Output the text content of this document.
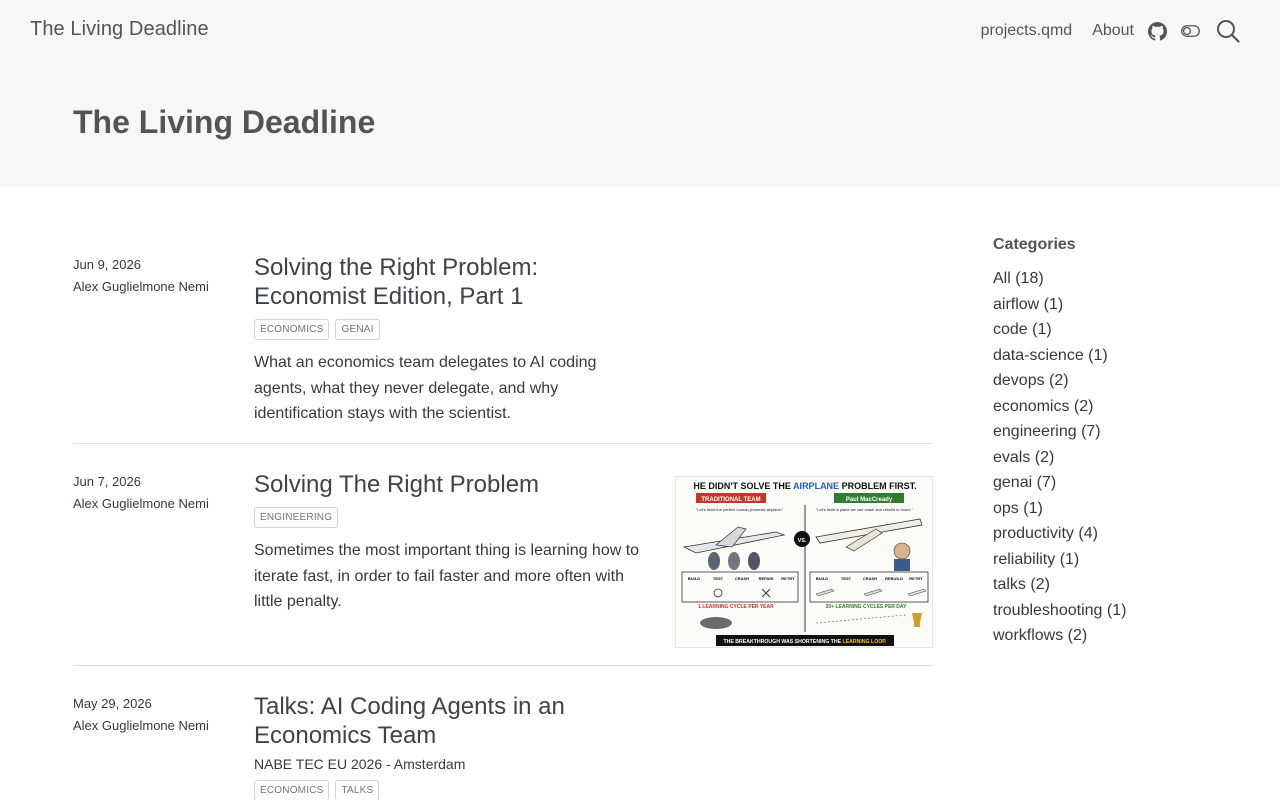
The Living Deadline	projects.qmd About
The Living Deadline
Jun 9, 2026
Alex Guglielmone Nemi
Solving the Right Problem: Economist Edition, Part 1
ECONOMICS	GENAI

What an economics team delegates to AI coding agents, what they never delegate, and why identification stays with the scientist.

Jun 7, 2026
Alex Guglielmone Nemi
Solving The Right Problem
ENGINEERING

Sometimes the most important thing is learning how to iterate fast, in order to fail faster and more often with little penalty.

HE DIDN'T SOLVE THE AIRPLANE PROBLEM FIRST.
TRADITIONAL TEAM	Paul MacCready
"Let's build the perfect human-powered airplane."	"Let's build a plane we can crash and rebuild in hours."
VS.
BUILD	TEST	CRASH REPAIR RETRY	BUILD	TEST	CRASH REBUILD RETRY
1 LEARNING CYCLE PER YEAR	20+ LEARNING CYCLES PER DAY
THE BREAKTHROUGH WAS SHORTENING THE LEARNING LOOP.
May 29, 2026
Alex Guglielmone Nemi
Talks: AI Coding Agents in an Economics Team
NABE TEC EU 2026 - Amsterdam
ECONOMICS	TALKS
Categories
All (18)
airflow (1)
code (1)
data-science (1)
devops (2)
economics (2)
engineering (7)
evals (2)
genai (7)
ops (1)
productivity (4)
reliability (1)
talks (2)
troubleshooting (1)
workflows (2)
